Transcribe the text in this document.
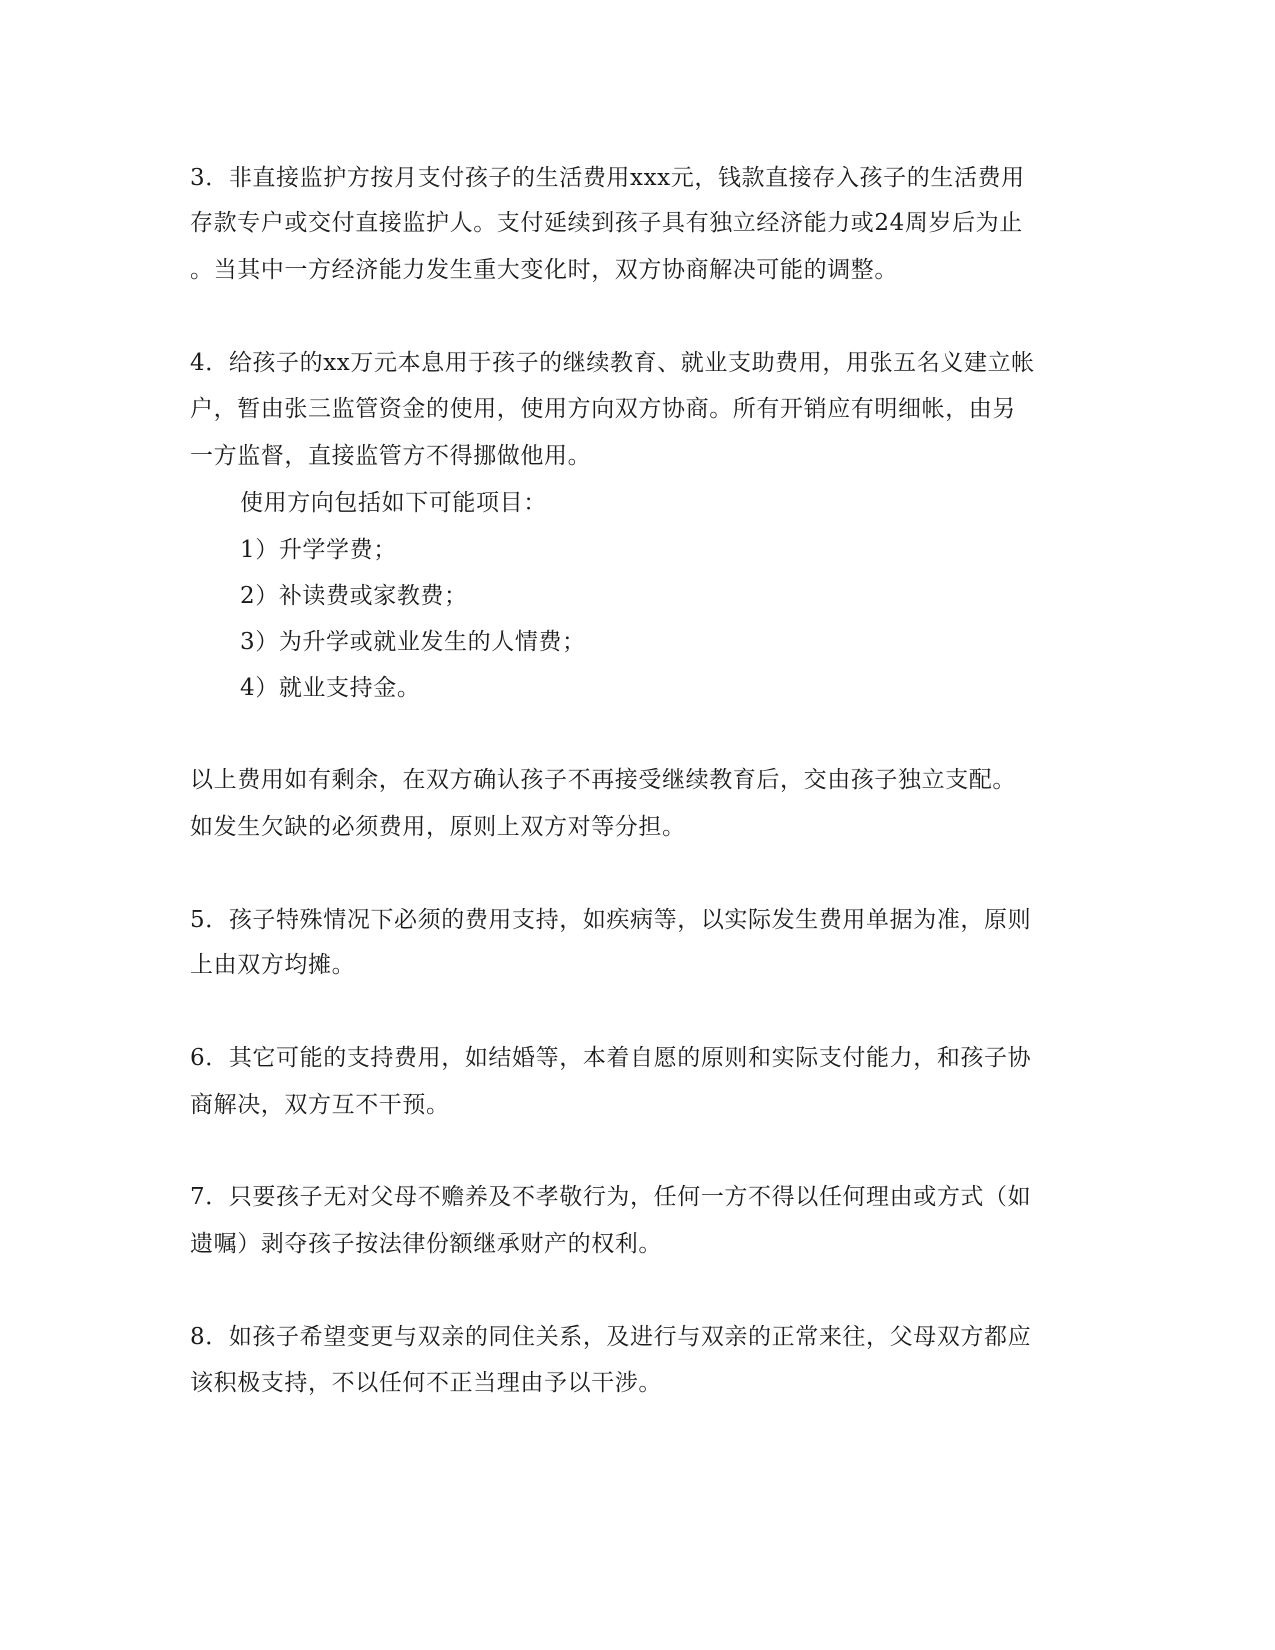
3．非直接监护方按月支付孩子的生活费用xxx元，钱款直接存入孩子的生活费用
存款专户或交付直接监护人。支付延续到孩子具有独立经济能力或24周岁后为止
。当其中一方经济能力发生重大变化时，双方协商解决可能的调整。
4．给孩子的xx万元本息用于孩子的继续教育、就业支助费用，用张五名义建立帐
户，暂由张三监管资金的使用，使用方向双方协商。所有开销应有明细帐，由另
一方监督，直接监管方不得挪做他用。
使用方向包括如下可能项目：
1）升学学费；
2）补读费或家教费；
3）为升学或就业发生的人情费；
4）就业支持金。
以上费用如有剩余，在双方确认孩子不再接受继续教育后，交由孩子独立支配。
如发生欠缺的必须费用，原则上双方对等分担。
5．孩子特殊情况下必须的费用支持，如疾病等，以实际发生费用单据为准，原则
上由双方均摊。
6．其它可能的支持费用，如结婚等，本着自愿的原则和实际支付能力，和孩子协
商解决，双方互不干预。
7．只要孩子无对父母不赡养及不孝敬行为，任何一方不得以任何理由或方式（如
遗嘱）剥夺孩子按法律份额继承财产的权利。
8．如孩子希望变更与双亲的同住关系，及进行与双亲的正常来往，父母双方都应
该积极支持，不以任何不正当理由予以干涉。
